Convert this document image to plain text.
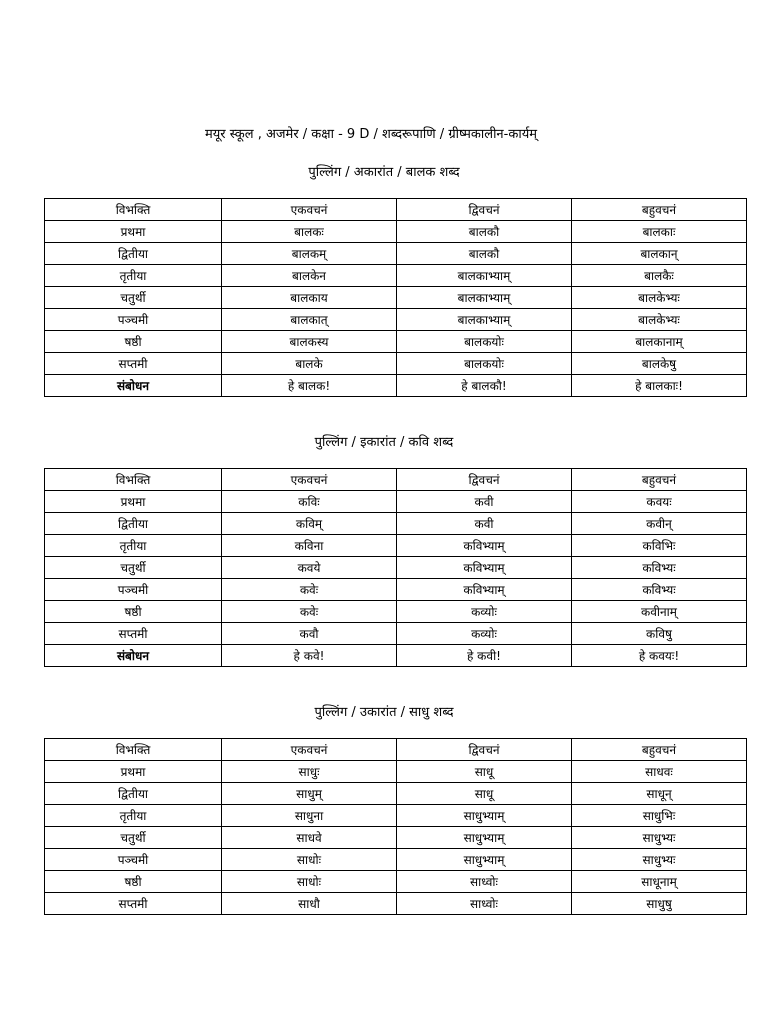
मयूर स्कूल , अजमेर / कक्षा - 9 D / शब्दरूपाणि / ग्रीष्मकालीन-कार्यम्
पुल्लिंग / अकारांत / बालक शब्द
विभक्ति	एकवचनं	द्विवचनं	बहुवचनं
प्रथमा	बालकः	बालकौ	बालकाः
द्वितीया	बालकम्	बालकौ	बालकान्
तृतीया	बालकेन	बालकाभ्याम्	बालकैः
चतुर्थी	बालकाय	बालकाभ्याम्	बालकेभ्यः
पञ्चमी	बालकात्	बालकाभ्याम्	बालकेभ्यः
षष्ठी	बालकस्य	बालकयोः	बालकानाम्
सप्तमी	बालके	बालकयोः	बालकेषु
संबोधन	हे बालक!	हे बालकौ!	हे बालकाः!
पुल्लिंग / इकारांत / कवि शब्द
विभक्ति	एकवचनं	द्विवचनं	बहुवचनं
प्रथमा	कविः	कवी	कवयः
द्वितीया	कविम्	कवी	कवीन्
तृतीया	कविना	कविभ्याम्	कविभिः
चतुर्थी	कवये	कविभ्याम्	कविभ्यः
पञ्चमी	कवेः	कविभ्याम्	कविभ्यः
षष्ठी	कवेः	कव्योः	कवीनाम्
सप्तमी	कवौ	कव्योः	कविषु
संबोधन	हे कवे!	हे कवी!	हे कवयः!
पुल्लिंग / उकारांत / साधु शब्द
विभक्ति	एकवचनं	द्विवचनं	बहुवचनं
प्रथमा	साधुः	साधू	साधवः
द्वितीया	साधुम्	साधू	साधून्
तृतीया	साधुना	साधुभ्याम्	साधुभिः
चतुर्थी	साधवे	साधुभ्याम्	साधुभ्यः
पञ्चमी	साधोः	साधुभ्याम्	साधुभ्यः
षष्ठी	साधोः	साध्वोः	साधूनाम्
सप्तमी	साधौ	साध्वोः	साधुषु
